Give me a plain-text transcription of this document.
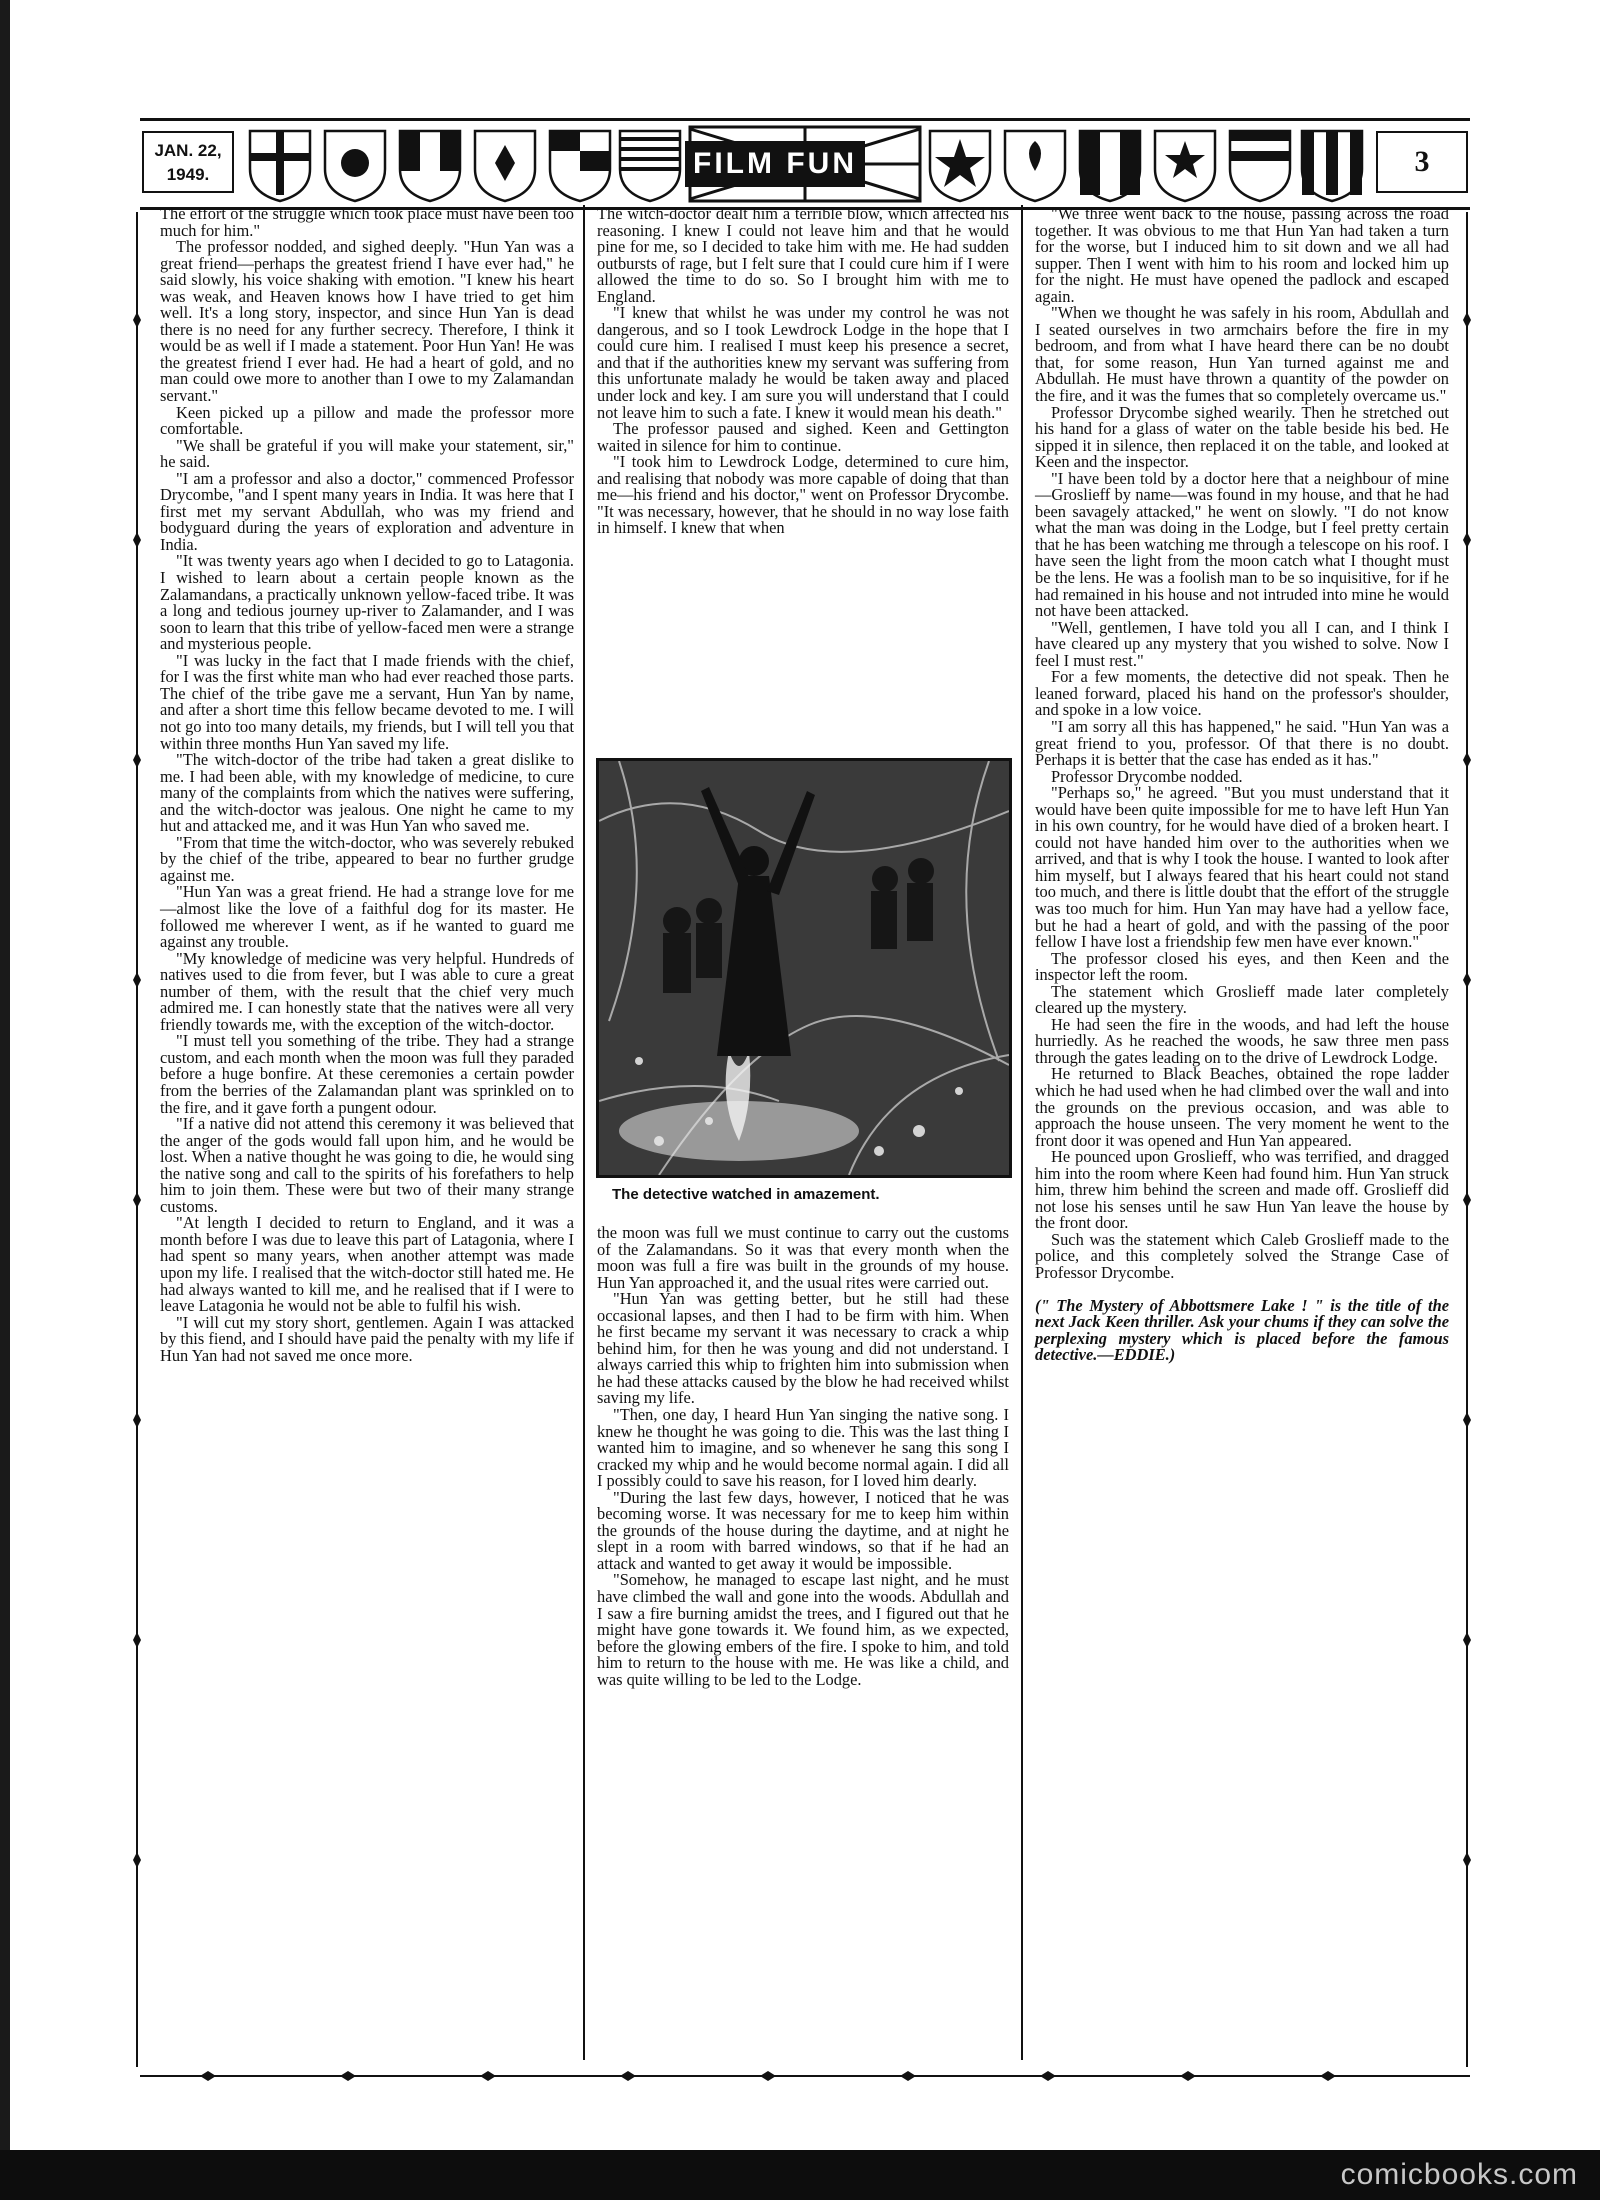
JAN. 22,
1949.	FILM FUN	3

The effort of the struggle which took place must have been too much for him."

The professor nodded, and sighed deeply. "Hun Yan was a great friend—perhaps the greatest friend I have ever had," he said slowly, his voice shaking with emotion. "I knew his heart was weak, and Heaven knows how I have tried to get him well. It's a long story, inspector, and since Hun Yan is dead there is no need for any further secrecy. Therefore, I think it would be as well if I made a statement. Poor Hun Yan! He was the greatest friend I ever had. He had a heart of gold, and no man could owe more to another than I owe to my Zalamandan servant."

Keen picked up a pillow and made the professor more comfortable.

"We shall be grateful if you will make your statement, sir," he said.

"I am a professor and also a doctor," commenced Professor Drycombe, "and I spent many years in India. It was here that I first met my servant Abdullah, who was my friend and bodyguard during the years of exploration and adventure in India.

"It was twenty years ago when I decided to go to Latagonia. I wished to learn about a certain people known as the Zalamandans, a practically unknown yellow-faced tribe. It was a long and tedious journey up-river to Zalamander, and I was soon to learn that this tribe of yellow-faced men were a strange and mysterious people.

"I was lucky in the fact that I made friends with the chief, for I was the first white man who had ever reached those parts. The chief of the tribe gave me a servant, Hun Yan by name, and after a short time this fellow became devoted to me. I will not go into too many details, my friends, but I will tell you that within three months Hun Yan saved my life.

"The witch-doctor of the tribe had taken a great dislike to me. I had been able, with my knowledge of medicine, to cure many of the complaints from which the natives were suffering, and the witch-doctor was jealous. One night he came to my hut and attacked me, and it was Hun Yan who saved me.

"From that time the witch-doctor, who was severely rebuked by the chief of the tribe, appeared to bear no further grudge against me.

"Hun Yan was a great friend. He had a strange love for me—almost like the love of a faithful dog for its master. He followed me wherever I went, as if he wanted to guard me against any trouble.

"My knowledge of medicine was very helpful. Hundreds of natives used to die from fever, but I was able to cure a great number of them, with the result that the chief very much admired me. I can honestly state that the natives were all very friendly towards me, with the exception of the witch-doctor.

"I must tell you something of the tribe. They had a strange custom, and each month when the moon was full they paraded before a huge bonfire. At these ceremonies a certain powder from the berries of the Zalamandan plant was sprinkled on to the fire, and it gave forth a pungent odour.

"If a native did not attend this ceremony it was believed that the anger of the gods would fall upon him, and he would be lost. When a native thought he was going to die, he would sing the native song and call to the spirits of his forefathers to help him to join them. These were but two of their many strange customs.

"At length I decided to return to England, and it was a month before I was due to leave this part of Latagonia, where I had spent so many years, when another attempt was made upon my life. I realised that the witch-doctor still hated me. He had always wanted to kill me, and he realised that if I were to leave Latagonia he would not be able to fulfil his wish.

"I will cut my story short, gentlemen. Again I was attacked by this fiend, and I should have paid the penalty with my life if Hun Yan had not saved me once more.

The witch-doctor dealt him a terrible blow, which affected his reasoning. I knew I could not leave him and that he would pine for me, so I decided to take him with me. He had sudden outbursts of rage, but I felt sure that I could cure him if I were allowed the time to do so. So I brought him with me to England.

"I knew that whilst he was under my control he was not dangerous, and so I took Lewdrock Lodge in the hope that I could cure him. I realised I must keep his presence a secret, and that if the authorities knew my servant was suffering from this unfortunate malady he would be taken away and placed under lock and key. I am sure you will understand that I could not leave him to such a fate. I knew it would mean his death."

The professor paused and sighed. Keen and Gettington waited in silence for him to continue.

"I took him to Lewdrock Lodge, determined to cure him, and realising that nobody was more capable of doing that than me—his friend and his doctor," went on Professor Drycombe. "It was necessary, however, that he should in no way lose faith in himself. I knew that when

The detective watched in amazement.

the moon was full we must continue to carry out the customs of the Zalamandans. So it was that every month when the moon was full a fire was built in the grounds of my house. Hun Yan approached it, and the usual rites were carried out.

"Hun Yan was getting better, but he still had these occasional lapses, and then I had to be firm with him. When he first became my servant it was necessary to crack a whip behind him, for then he was young and did not understand. I always carried this whip to frighten him into submission when he had these attacks caused by the blow he had received whilst saving my life.

"Then, one day, I heard Hun Yan singing the native song. I knew he thought he was going to die. This was the last thing I wanted him to imagine, and so whenever he sang this song I cracked my whip and he would become normal again. I did all I possibly could to save his reason, for I loved him dearly.

"During the last few days, however, I noticed that he was becoming worse. It was necessary for me to keep him within the grounds of the house during the daytime, and at night he slept in a room with barred windows, so that if he had an attack and wanted to get away it would be impossible.

"Somehow, he managed to escape last night, and he must have climbed the wall and gone into the woods. Abdullah and I saw a fire burning amidst the trees, and I figured out that he might have gone towards it. We found him, as we expected, before the glowing embers of the fire. I spoke to him, and told him to return to the house with me. He was like a child, and was quite willing to be led to the Lodge.

"We three went back to the house, passing across the road together. It was obvious to me that Hun Yan had taken a turn for the worse, but I induced him to sit down and we all had supper. Then I went with him to his room and locked him up for the night. He must have opened the padlock and escaped again.

"When we thought he was safely in his room, Abdullah and I seated ourselves in two armchairs before the fire in my bedroom, and from what I have heard there can be no doubt that, for some reason, Hun Yan turned against me and Abdullah. He must have thrown a quantity of the powder on the fire, and it was the fumes that so completely overcame us."

Professor Drycombe sighed wearily. Then he stretched out his hand for a glass of water on the table beside his bed. He sipped it in silence, then replaced it on the table, and looked at Keen and the inspector.

"I have been told by a doctor here that a neighbour of mine—Groslieff by name—was found in my house, and that he had been savagely attacked," he went on slowly. "I do not know what the man was doing in the Lodge, but I feel pretty certain that he has been watching me through a telescope on his roof. I have seen the light from the moon catch what I thought must be the lens. He was a foolish man to be so inquisitive, for if he had remained in his house and not intruded into mine he would not have been attacked.

"Well, gentlemen, I have told you all I can, and I think I have cleared up any mystery that you wished to solve. Now I feel I must rest."

For a few moments, the detective did not speak. Then he leaned forward, placed his hand on the professor's shoulder, and spoke in a low voice.

"I am sorry all this has happened," he said. "Hun Yan was a great friend to you, professor. Of that there is no doubt. Perhaps it is better that the case has ended as it has."

Professor Drycombe nodded.

"Perhaps so," he agreed. "But you must understand that it would have been quite impossible for me to have left Hun Yan in his own country, for he would have died of a broken heart. I could not have handed him over to the authorities when we arrived, and that is why I took the house. I wanted to look after him myself, but I always feared that his heart could not stand too much, and there is little doubt that the effort of the struggle was too much for him. Hun Yan may have had a yellow face, but he had a heart of gold, and with the passing of the poor fellow I have lost a friendship few men have ever known."

The professor closed his eyes, and then Keen and the inspector left the room.

The statement which Groslieff made later completely cleared up the mystery.

He had seen the fire in the woods, and had left the house hurriedly. As he reached the woods, he saw three men pass through the gates leading on to the drive of Lewdrock Lodge.

He returned to Black Beaches, obtained the rope ladder which he had used when he had climbed over the wall and into the grounds on the previous occasion, and was able to approach the house unseen. The very moment he went to the front door it was opened and Hun Yan appeared.

He pounced upon Groslieff, who was terrified, and dragged him into the room where Keen had found him. Hun Yan struck him, threw him behind the screen and made off. Groslieff did not lose his senses until he saw Hun Yan leave the house by the front door.

Such was the statement which Caleb Groslieff made to the police, and this completely solved the Strange Case of Professor Drycombe.

(" The Mystery of Abbottsmere Lake ! " is the title of the next Jack Keen thriller. Ask your chums if they can solve the perplexing mystery which is placed before the famous detective.—EDDIE.)

comicbooks.com
